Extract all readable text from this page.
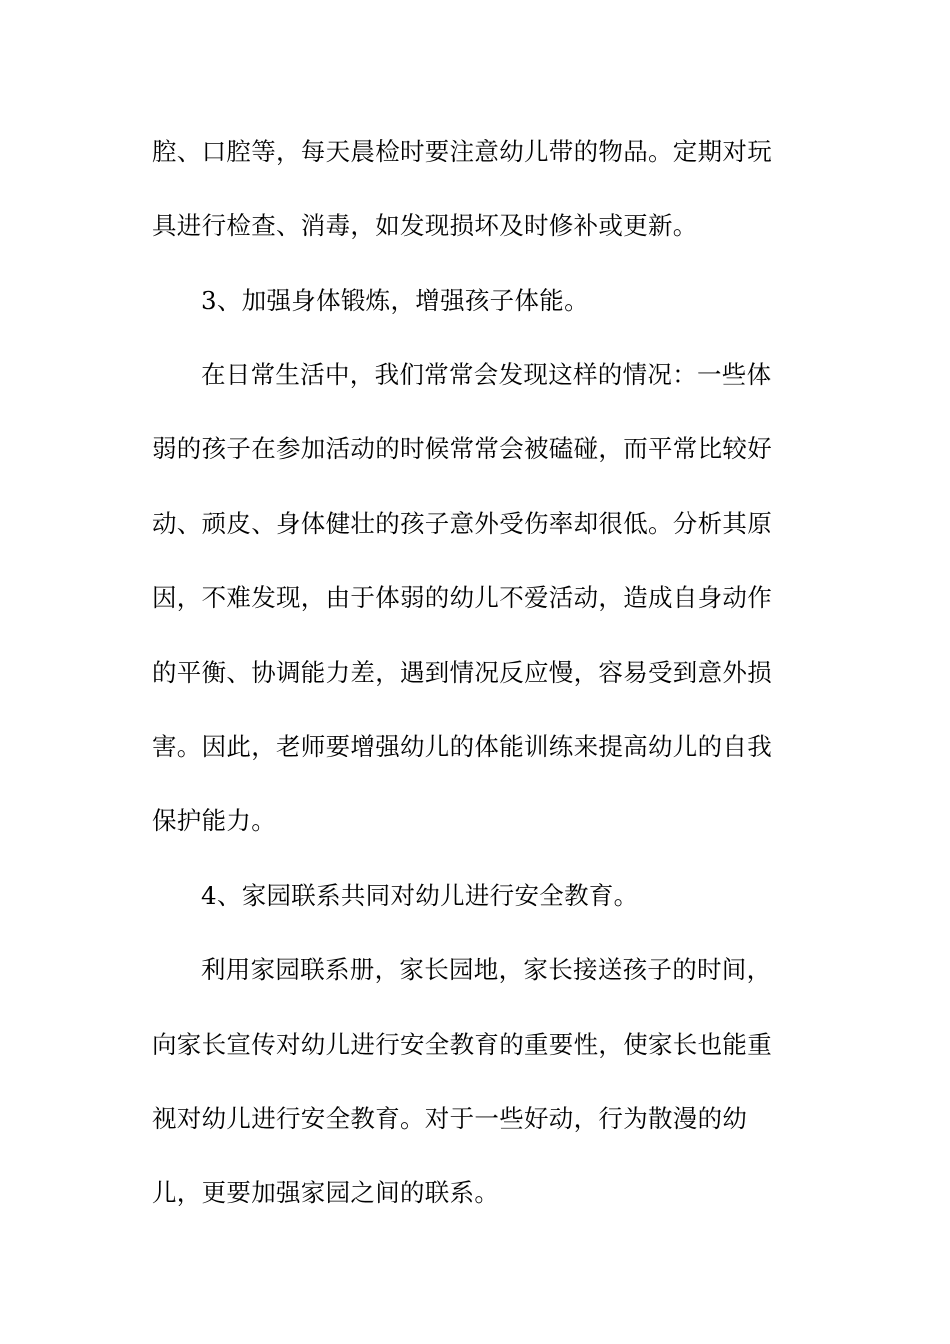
腔、口腔等，每天晨检时要注意幼儿带的物品。定期对玩
具进行检查、消毒，如发现损坏及时修补或更新。
3、加强身体锻炼，增强孩子体能。
在日常生活中，我们常常会发现这样的情况：一些体
弱的孩子在参加活动的时候常常会被磕碰，而平常比较好
动、顽皮、身体健壮的孩子意外受伤率却很低。分析其原
因，不难发现，由于体弱的幼儿不爱活动，造成自身动作
的平衡、协调能力差，遇到情况反应慢，容易受到意外损
害。因此，老师要增强幼儿的体能训练来提高幼儿的自我
保护能力。
4、家园联系共同对幼儿进行安全教育。
利用家园联系册，家长园地，家长接送孩子的时间，
向家长宣传对幼儿进行安全教育的重要性，使家长也能重
视对幼儿进行安全教育。对于一些好动，行为散漫的幼
儿，更要加强家园之间的联系。
